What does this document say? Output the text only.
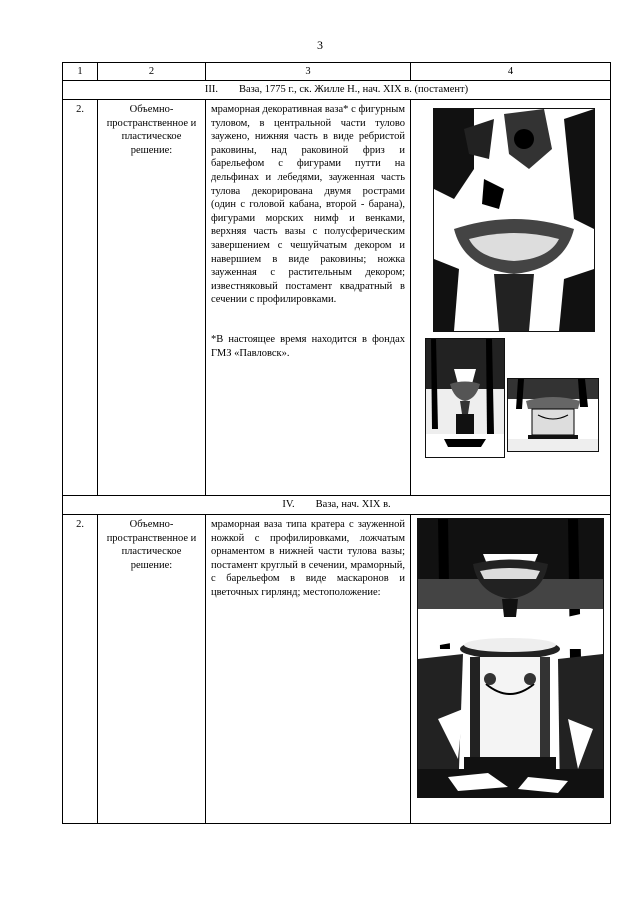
3
1	2	3	4
III.        Ваза, 1775 г., ск. Жилле Н., нач. XIX в. (постамент)			
2.	Объемно-пространственное и пластическое решение:	мраморная декоративная ваза* с фигурным туловом, в центральной части тулово заужено, нижняя часть в виде ребристой раковины, над раковиной фриз и барельефом с фигурами путти на дельфинах и лебедями, зауженная часть тулова декорирована двумя рострами (один с головой кабана, второй - барана), фигурами морских нимф и венками, верхняя часть вазы с полусферическим завершением с чешуйчатым декором и навершием в виде раковины; ножка зауженная с растительным декором; известняковый постамент квадратный в сечении с профилировками.

*В настоящее время находится в фондах ГМЗ «Павловск».

IV.        Ваза, нач. XIX в.			
2.	Объемно-пространственное и пластическое решение:	мраморная ваза типа кратера с зауженной ножкой с профилировками, ложчатым орнаментом в нижней части тулова вазы; постамент круглый в сечении, мраморный, с барельефом в виде маскаронов и цветочных гирлянд; местоположение:
